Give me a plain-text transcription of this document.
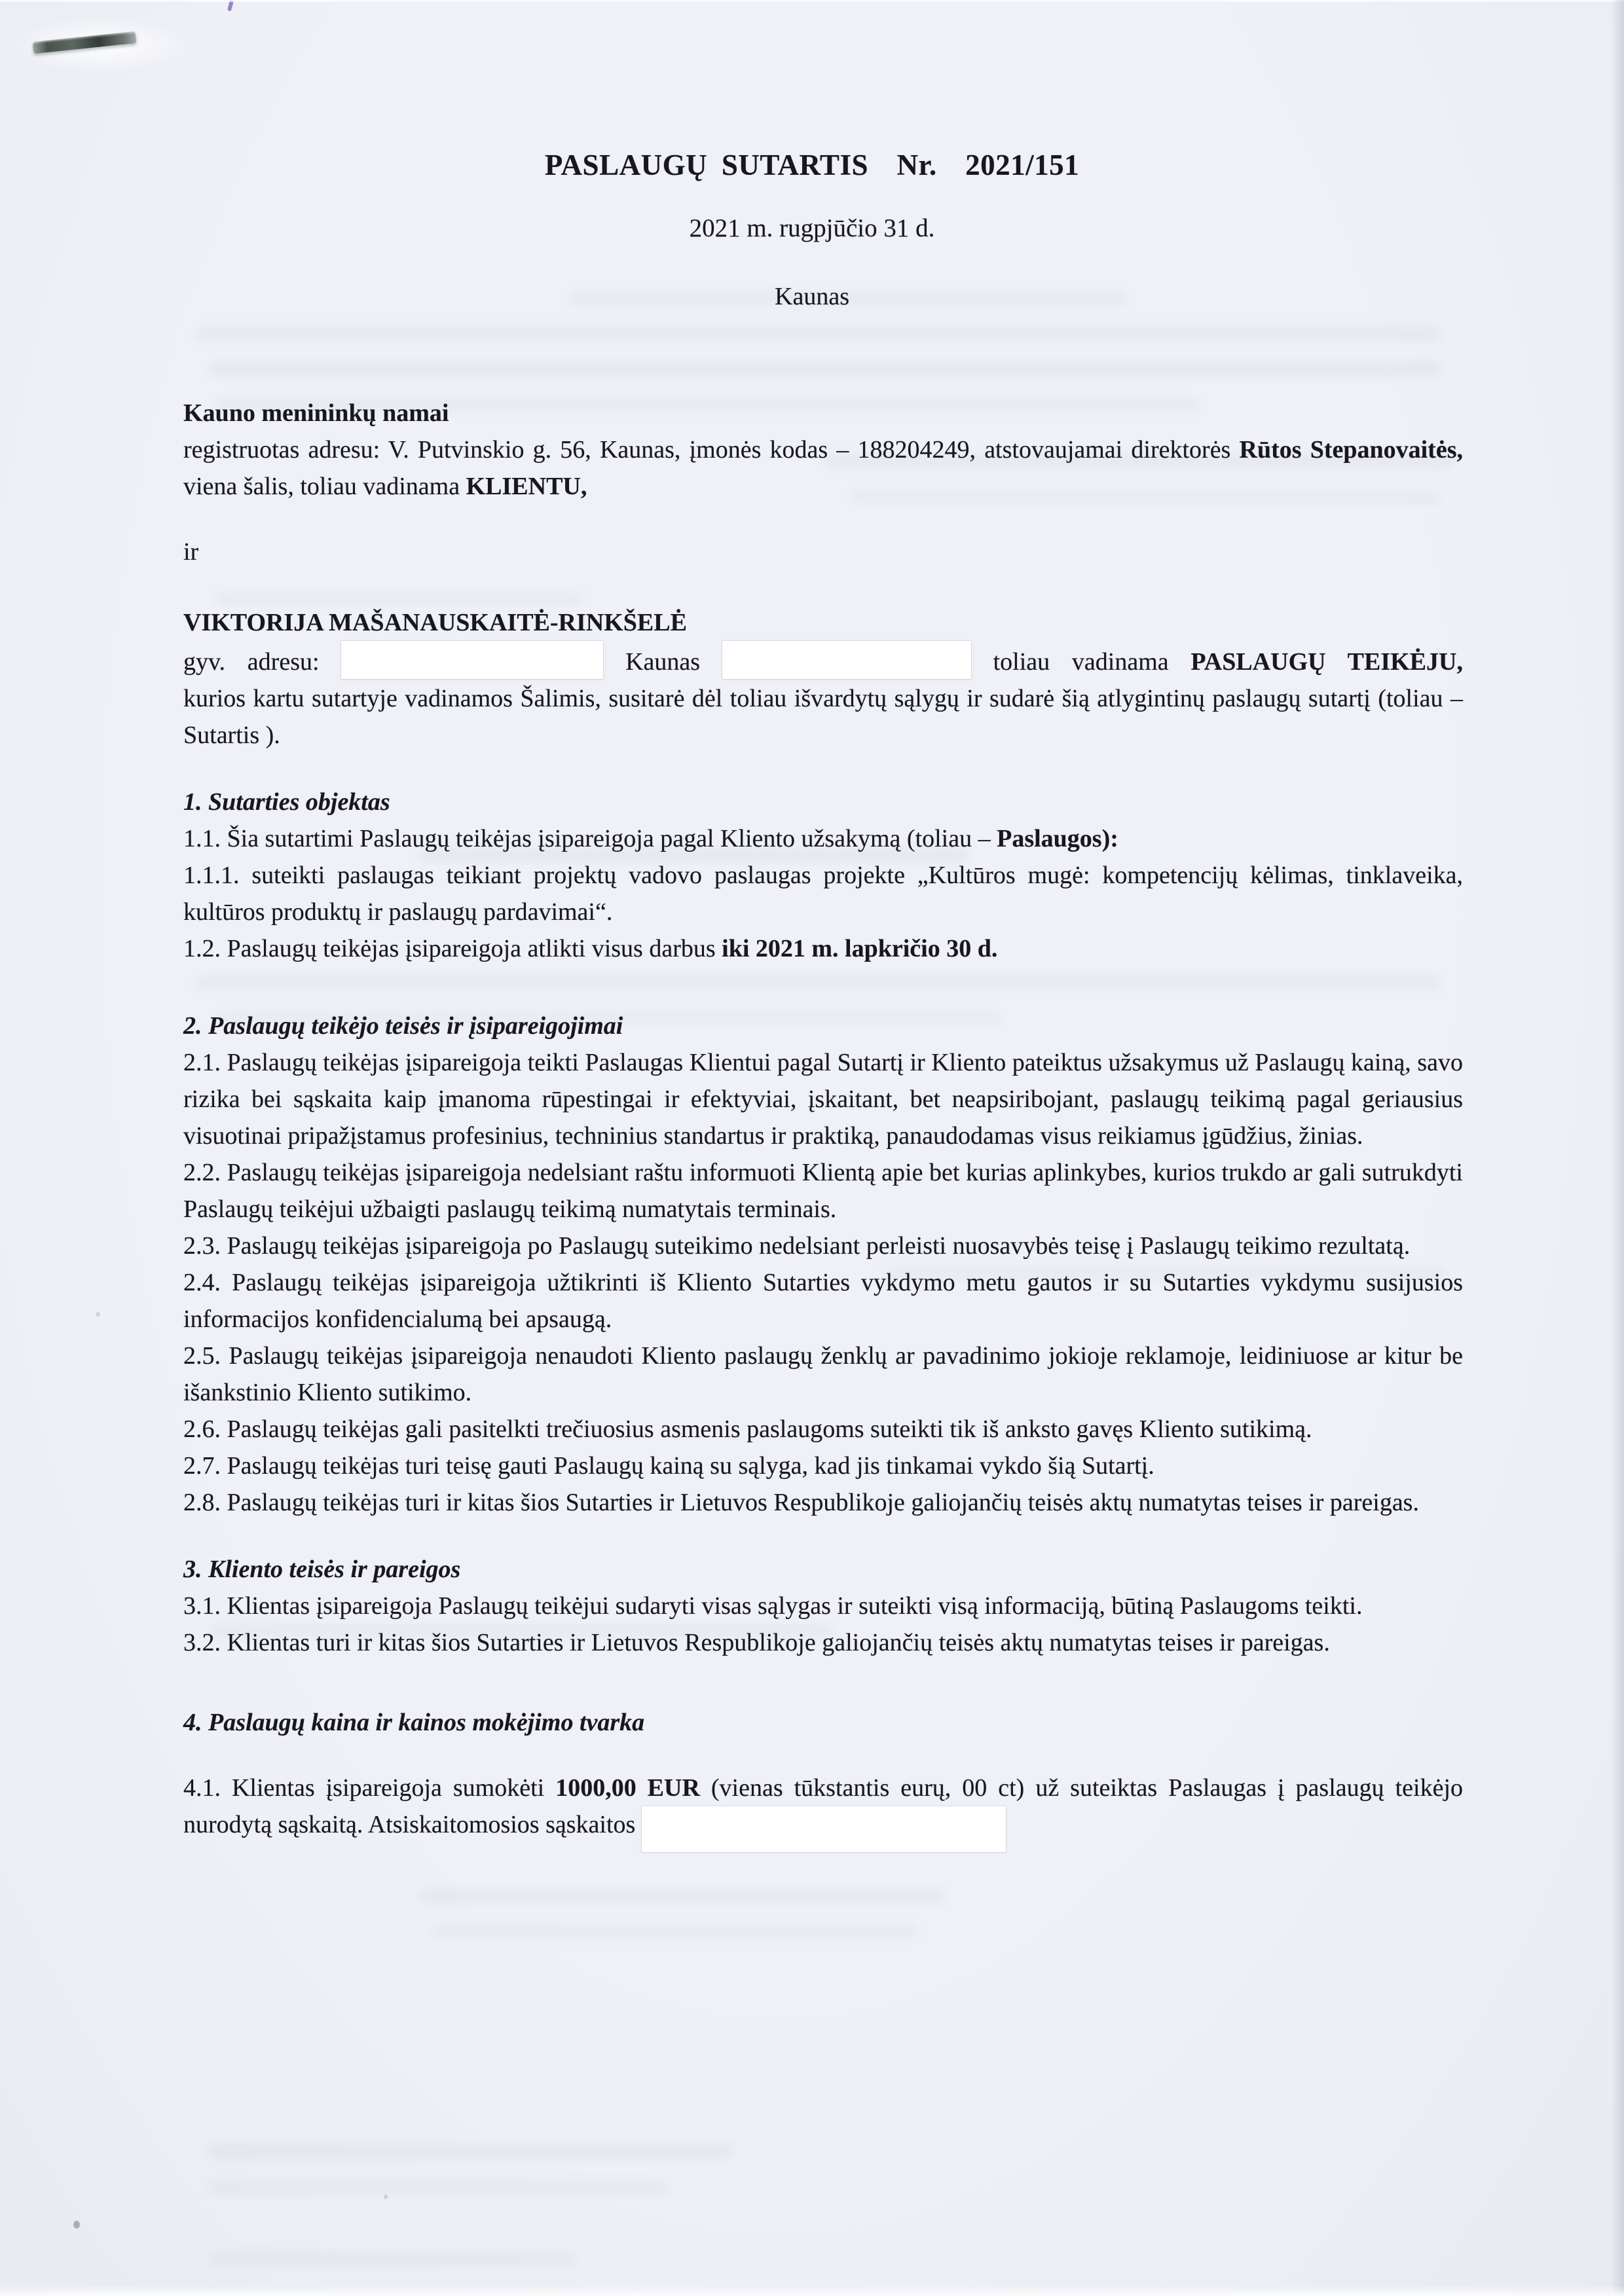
PASLAUGŲ SUTARTIS  Nr.  2021/151
2021 m. rugpjūčio 31 d.
Kaunas
Kauno menininkų namai
registruotas adresu: V. Putvinskio g. 56, Kaunas, įmonės kodas – 188204249, atstovaujamai direktorės Rūtos Stepanovaitės, viena šalis, toliau vadinama KLIENTU,
ir
VIKTORIJA MAŠANAUSKAITĖ-RINKŠELĖ
gyv. adresu:	Kaunas	toliau vadinama PASLAUGŲ TEIKĖJU,
kurios kartu sutartyje vadinamos Šalimis, susitarė dėl toliau išvardytų sąlygų ir sudarė šią atlygintinų paslaugų sutartį (toliau – Sutartis ).
1. Sutarties objektas
1.1. Šia sutartimi Paslaugų teikėjas įsipareigoja pagal Kliento užsakymą (toliau – Paslaugos):
1.1.1. suteikti paslaugas teikiant projektų vadovo paslaugas projekte „Kultūros mugė: kompetencijų kėlimas, tinklaveika, kultūros produktų ir paslaugų pardavimai“.
1.2. Paslaugų teikėjas įsipareigoja atlikti visus darbus iki 2021 m. lapkričio 30 d.
2. Paslaugų teikėjo teisės ir įsipareigojimai
2.1. Paslaugų teikėjas įsipareigoja teikti Paslaugas Klientui pagal Sutartį ir Kliento pateiktus užsakymus už Paslaugų kainą, savo rizika bei sąskaita kaip įmanoma rūpestingai ir efektyviai, įskaitant, bet neapsiribojant, paslaugų teikimą pagal geriausius visuotinai pripažįstamus profesinius, techninius standartus ir praktiką, panaudodamas visus reikiamus įgūdžius, žinias.
2.2. Paslaugų teikėjas įsipareigoja nedelsiant raštu informuoti Klientą apie bet kurias aplinkybes, kurios trukdo ar gali sutrukdyti Paslaugų teikėjui užbaigti paslaugų teikimą numatytais terminais.
2.3. Paslaugų teikėjas įsipareigoja po Paslaugų suteikimo nedelsiant perleisti nuosavybės teisę į Paslaugų teikimo rezultatą.
2.4. Paslaugų teikėjas įsipareigoja užtikrinti iš Kliento Sutarties vykdymo metu gautos ir su Sutarties vykdymu susijusios informacijos konfidencialumą bei apsaugą.
2.5. Paslaugų teikėjas įsipareigoja nenaudoti Kliento paslaugų ženklų ar pavadinimo jokioje reklamoje, leidiniuose ar kitur be išankstinio Kliento sutikimo.
2.6. Paslaugų teikėjas gali pasitelkti trečiuosius asmenis paslaugoms suteikti tik iš anksto gavęs Kliento sutikimą.
2.7. Paslaugų teikėjas turi teisę gauti Paslaugų kainą su sąlyga, kad jis tinkamai vykdo šią Sutartį.
2.8. Paslaugų teikėjas turi ir kitas šios Sutarties ir Lietuvos Respublikoje galiojančių teisės aktų numatytas teises ir pareigas.
3. Kliento teisės ir pareigos
3.1. Klientas įsipareigoja Paslaugų teikėjui sudaryti visas sąlygas ir suteikti visą informaciją, būtiną Paslaugoms teikti.
3.2. Klientas turi ir kitas šios Sutarties ir Lietuvos Respublikoje galiojančių teisės aktų numatytas teises ir pareigas.
4. Paslaugų kaina ir kainos mokėjimo tvarka
4.1. Klientas įsipareigoja sumokėti 1000,00 EUR (vienas tūkstantis eurų, 00 ct) už suteiktas Paslaugas į paslaugų teikėjo nurodytą sąskaitą. Atsiskaitomosios sąskaitos
